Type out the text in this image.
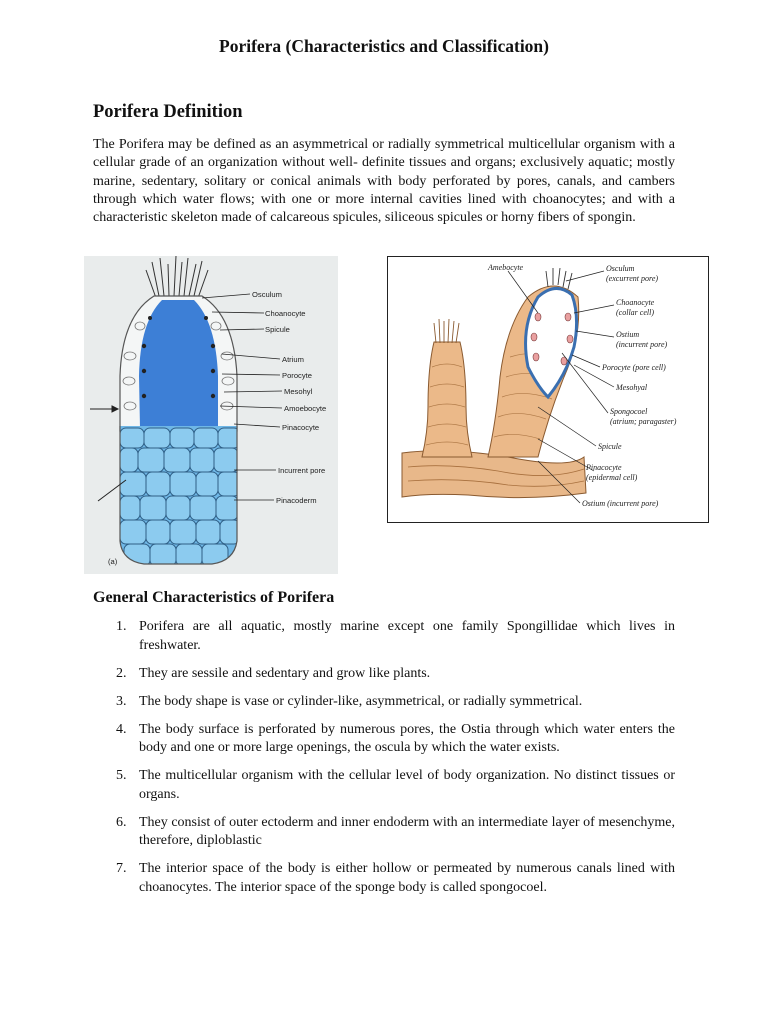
Porifera (Characteristics and Classification)
Porifera Definition

The Porifera may be defined as an asymmetrical or radially symmetrical multicellular organism with a cellular grade of an organization without well- definite tissues and organs; exclusively aquatic; mostly marine, sedentary, solitary or conical animals with body perforated by pores, canals, and cambers through which water flows; with one or more internal cavities lined with choanocytes; and with a characteristic skeleton made of calcareous spicules, siliceous spicules or horny fibers of spongin.

Osculum
Choanocyte
Spicule
Atrium
Porocyte
Mesohyl
Amoebocyte
Pinacocyte
Incurrent pore
Pinacoderm
(a)
Amebocyte	Osculum
(excurrent pore)
Choanocyte
(collar cell)
Ostium
(incurrent pore)
Porocyte (pore cell)
Mesohyal
Spongocoel
(atrium; paragaster)
Spicule
Pinacocyte
(epidermal cell)
Ostium (incurrent pore)
General Characteristics of Porifera
1. Porifera are all aquatic, mostly marine except one family Spongillidae which lives in freshwater.
2. They are sessile and sedentary and grow like plants.
3. The body shape is vase or cylinder-like, asymmetrical, or radially symmetrical.
4. The body surface is perforated by numerous pores, the Ostia through which water enters the body and one or more large openings, the oscula by which the water exists.
5. The multicellular organism with the cellular level of body organization. No distinct tissues or organs.
6. They consist of outer ectoderm and inner endoderm with an intermediate layer of mesenchyme, therefore, diploblastic
7. The interior space of the body is either hollow or permeated by numerous canals lined with choanocytes. The interior space of the sponge body is called spongocoel.
